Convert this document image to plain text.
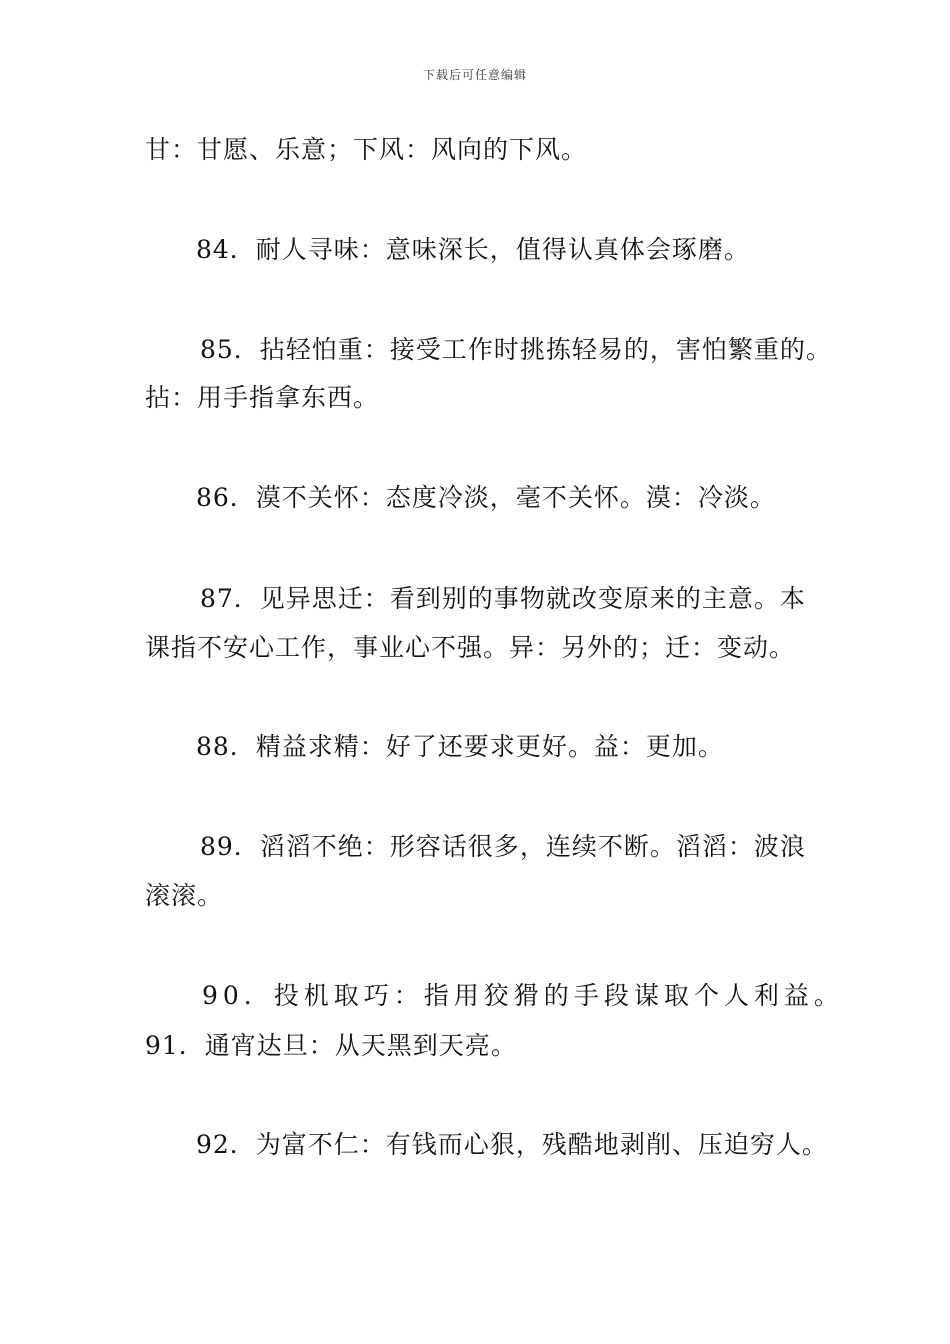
下载后可任意编辑
甘：甘愿、乐意；下风：风向的下风。
84．耐人寻味：意味深长，值得认真体会琢磨。
85．拈轻怕重：接受工作时挑拣轻易的，害怕繁重的。
拈：用手指拿东西。
86．漠不关怀：态度冷淡，毫不关怀。漠：冷淡。
87．见异思迁：看到别的事物就改变原来的主意。本
课指不安心工作，事业心不强。异：另外的；迁：变动。
88．精益求精：好了还要求更好。益：更加。
89．滔滔不绝：形容话很多，连续不断。滔滔：波浪
滚滚。
90．投机取巧：指用狡猾的手段谋取个人利益。
91．通宵达旦：从天黑到天亮。
92．为富不仁：有钱而心狠，残酷地剥削、压迫穷人。
